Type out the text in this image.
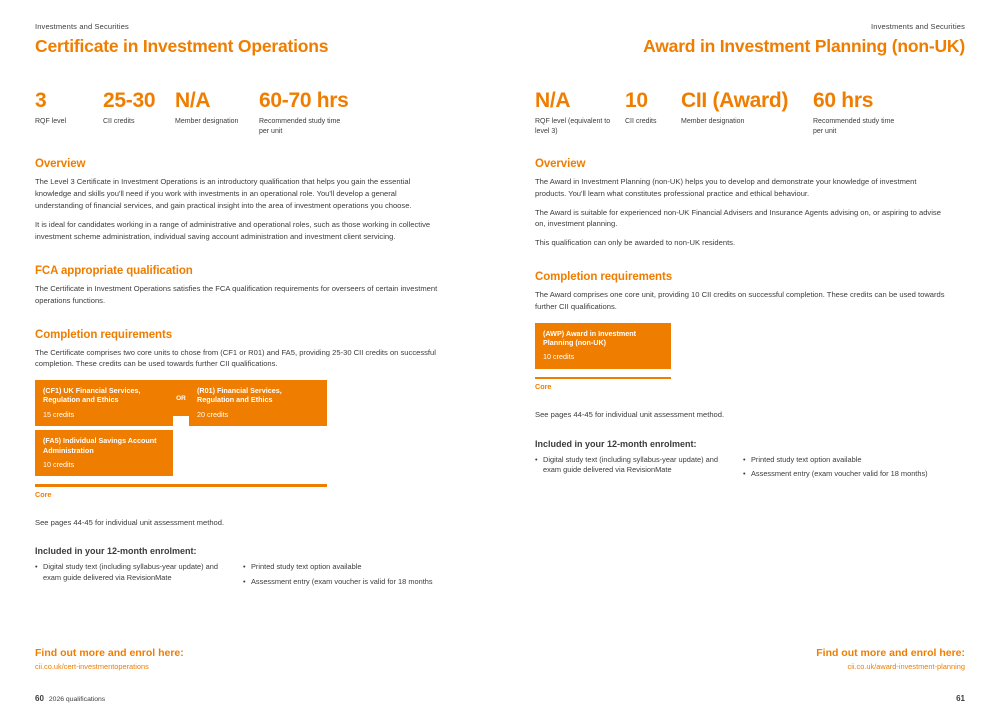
Investments and Securities
Certificate in Investment Operations
3
RQF level
25-30
CII credits
N/A
Member designation
60-70 hrs
Recommended study time per unit
Overview

The Level 3 Certificate in Investment Operations is an introductory qualification that helps you gain the essential knowledge and skills you'll need if you work with investments in an operational role. You'll develop a general understanding of financial services, and gain practical insight into the area of investment operations you choose.

It is ideal for candidates working in a range of administrative and operational roles, such as those working in collective investment scheme administration, individual saving account administration and investment client servicing.

FCA appropriate qualification

The Certificate in Investment Operations satisfies the FCA qualification requirements for overseers of certain investment operations functions.

Completion requirements

The Certificate comprises two core units to chose from (CF1 or R01) and FA5, providing 25-30 CII credits on successful completion. These credits can be used towards further CII qualifications.

(CF1) UK Financial Services, Regulation and Ethics
15 credits
OR
(R01) Financial Services, Regulation and Ethics
20 credits
(FA5) Individual Savings Account Administration
10 credits
Core
See pages 44-45 for individual unit assessment method.
Included in your 12-month enrolment:
• Digital study text (including syllabus-year update) and exam guide delivered via RevisionMate
• Printed study text option available
• Assessment entry (exam voucher is valid for 18 months
Find out more and enrol here:
cii.co.uk/cert-investmentoperations
60 2026 qualifications
Investments and Securities
Award in Investment Planning (non-UK)
N/A
RQF level (equivalent to level 3)
10
CII credits
CII (Award)
Member designation
60 hrs
Recommended study time per unit
Overview

The Award in Investment Planning (non-UK) helps you to develop and demonstrate your knowledge of investment products. You'll learn what constitutes professional practice and ethical behaviour.

The Award is suitable for experienced non-UK Financial Advisers and Insurance Agents advising on, or aspiring to advise on, investment planning.

This qualification can only be awarded to non-UK residents.

Completion requirements

The Award comprises one core unit, providing 10 CII credits on successful completion. These credits can be used towards further CII qualifications.

(AWP) Award in Investment Planning (non-UK)
10 credits
Core
See pages 44-45 for individual unit assessment method.
Included in your 12-month enrolment:
• Digital study text (including syllabus-year update) and exam guide delivered via RevisionMate
• Printed study text option available
• Assessment entry (exam voucher valid for 18 months)
Find out more and enrol here:
cii.co.uk/award-investment-planning
61
